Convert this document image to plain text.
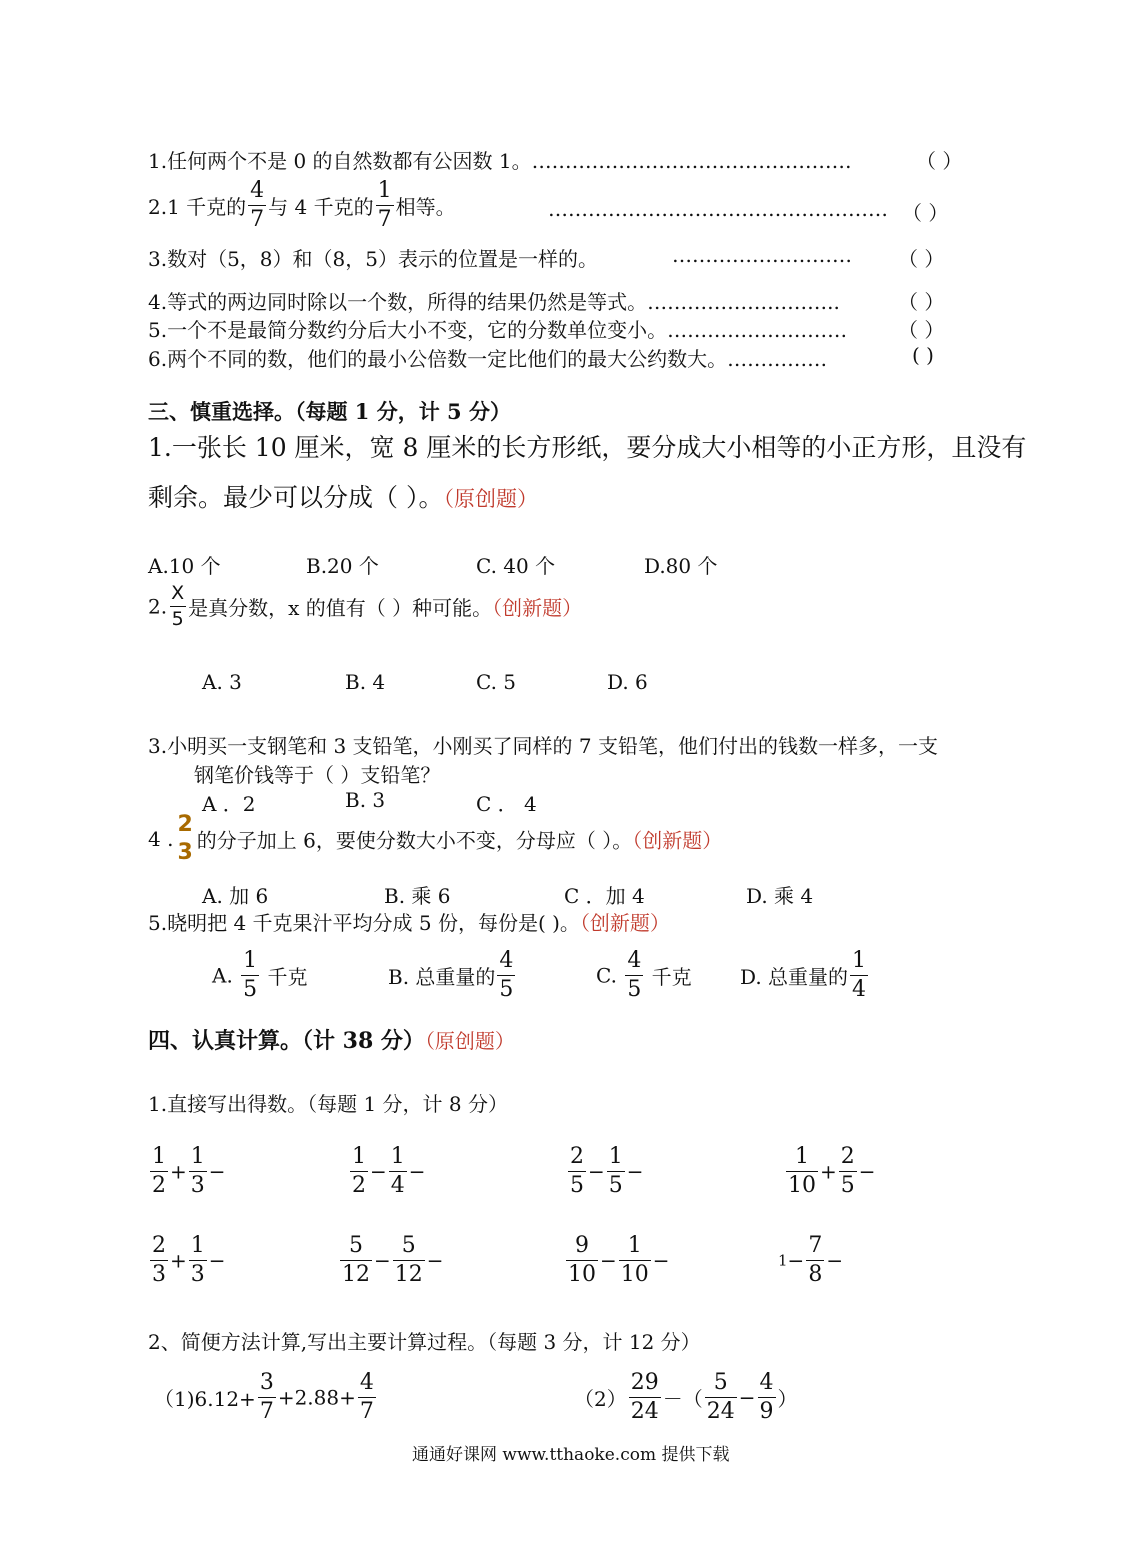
1.任何两个不是 0 的自然数都有公因数 1。…………………………………………	（ ）
2.1 千克的 $\frac{4}{7}$ 与 4 千克的 $\frac{1}{7}$ 相等。	…………………………………………… （ ）
3.数对（5，8）和（8，5）表示的位置是一样的。	……………………… （ ）
4.等式的两边同时除以一个数，所得的结果仍然是等式。………………………..	（ ）
5.一个不是最简分数约分后大小不变，它的分数单位变小。………………………	（ ）
6.两个不同的数，他们的最小公倍数一定比他们的最大公约数大。……………	( )
三、慎重选择。（每题 1 分，计 5 分）
1.一张长 10 厘米，宽 8 厘米的长方形纸，要分成大小相等的小正方形，且没有
剩余。最少可以分成（ ）。（原创题）
A.10 个	B.20 个	C. 40 个	D.80 个
2. $\frac{X}{5}$ 是真分数，x 的值有（ ）种可能。（创新题）
A. 3	B. 4	C. 5	D. 6
3.小明买一支钢笔和 3 支铅笔，小刚买了同样的 7 支铅笔，他们付出的钱数一样多，一支
钢笔价钱等于（ ）支铅笔？
A ．2	B. 3	C ． 4
4 .
2
3 的分子加上 6，要使分数大小不变，分母应（ ）。（创新题）
A. 加 6	B. 乘 6	C ．加 4	D. 乘 4
5.晓明把 4 千克果汁平均分成 5 份，每份是( )。（创新题）
A. $\frac{1}{5}$ 千克	B. 总重量的 $\frac{4}{5}$	C. $\frac{4}{5}$ 千克 D. 总重量的 $\frac{1}{4}$
四、认真计算。（计 38 分）（原创题）
1.直接写出得数。（每题 1 分，计 8 分）
$\frac{1}{2} + \frac{1}{3}$ −	$\frac{1}{2} - \frac{1}{4}$ −	$\frac{2}{5} - \frac{1}{5}$ −	$\frac{1}{10} + \frac{2}{5}$ −
$\frac{2}{3} + \frac{1}{3}$ −	$\frac{5}{12} - \frac{5}{12}$ −	$\frac{9}{10} - \frac{1}{10}$ −	$1- \frac{7}{8}$ −
2、简便方法计算,写出主要计算过程。（每题 3 分，计 12 分）
$(1)6.12+ \frac{3}{7} +2.88+ \frac{4}{7}$	$(2) \frac{29}{24}$ －（ $\frac{5}{24} - \frac{4}{9}$ ）
通通好课网 www.tthaoke.com 提供下载
